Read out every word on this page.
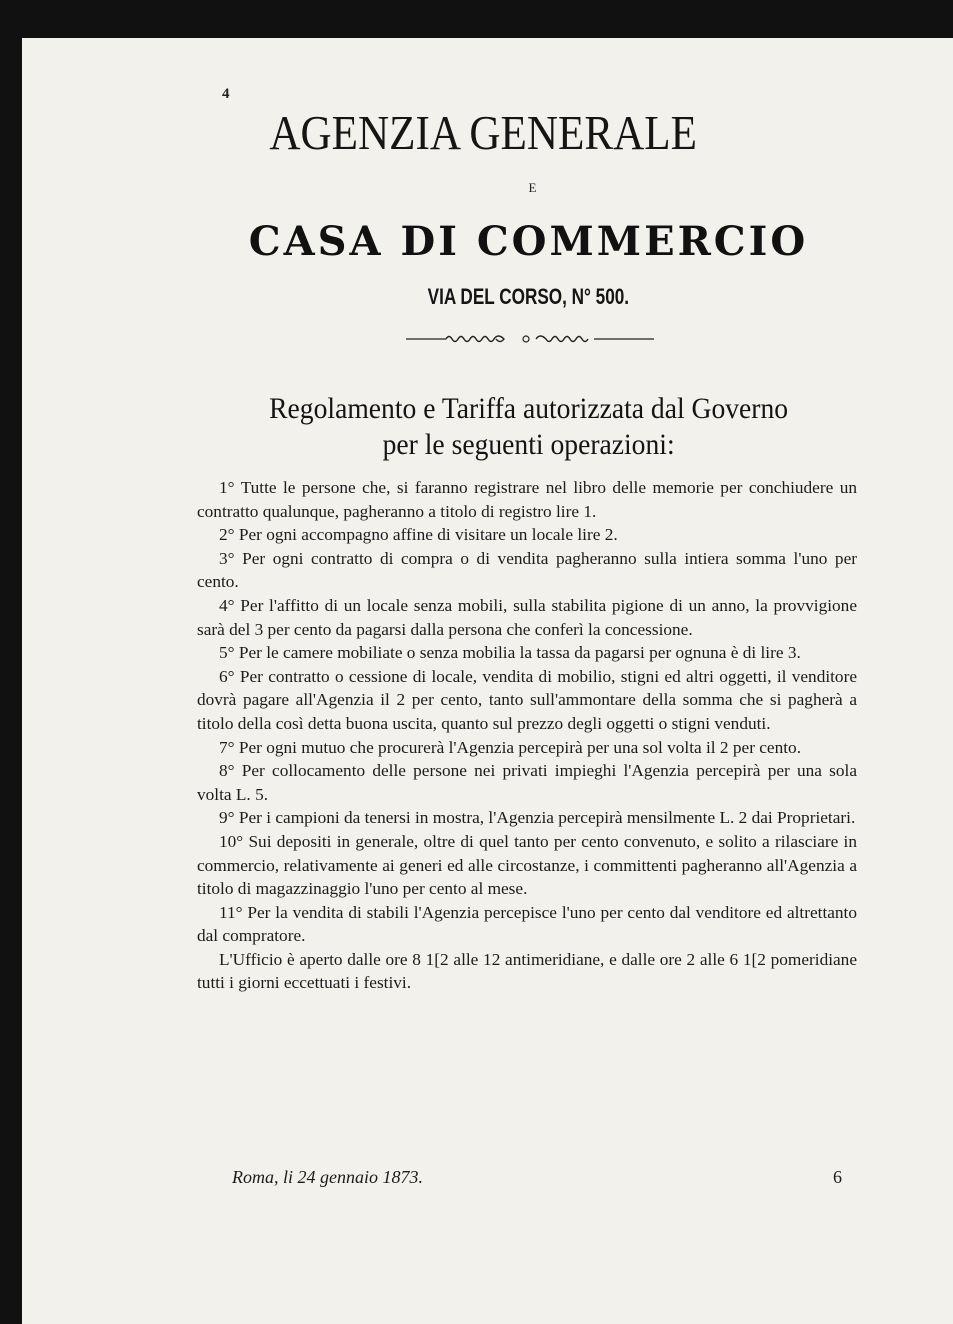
4
AGENZIA GENERALE
E
CASA DI COMMERCIO
VIA DEL CORSO, N° 500.
Regolamento e Tariffa autorizzata dal Governo
per le seguenti operazioni:

1° Tutte le persone che, si faranno registrare nel libro delle memorie per conchiudere un contratto qualunque, pagheranno a titolo di registro lire 1.

2° Per ogni accompagno affine di visitare un locale lire 2.

3° Per ogni contratto di compra o di vendita pagheranno sulla intiera somma l'uno per cento.

4° Per l'affitto di un locale senza mobili, sulla stabilita pigione di un anno, la provvigione sarà del 3 per cento da pagarsi dalla persona che conferì la concessione.

5° Per le camere mobiliate o senza mobilia la tassa da pagarsi per ognuna è di lire 3.

6° Per contratto o cessione di locale, vendita di mobilio, stigni ed altri oggetti, il venditore dovrà pagare all'Agenzia il 2 per cento, tanto sull'ammontare della somma che si pagherà a titolo della così detta buona uscita, quanto sul prezzo degli oggetti o stigni venduti.

7° Per ogni mutuo che procurerà l'Agenzia percepirà per una sol volta il 2 per cento.

8° Per collocamento delle persone nei privati impieghi l'Agenzia percepirà per una sola volta L. 5.

9° Per i campioni da tenersi in mostra, l'Agenzia percepirà mensilmente L. 2 dai Proprietari.

10° Sui depositi in generale, oltre di quel tanto per cento convenuto, e solito a rilasciare in commercio, relativamente ai generi ed alle circostanze, i committenti pagheranno all'Agenzia a titolo di magazzinaggio l'uno per cento al mese.

11° Per la vendita di stabili l'Agenzia percepisce l'uno per cento dal venditore ed altrettanto dal compratore.

L'Ufficio è aperto dalle ore 8 1[2 alle 12 antimeridiane, e dalle ore 2 alle 6 1[2 pomeridiane tutti i giorni eccettuati i festivi.

Roma, li 24 gennaio 1873.	6
